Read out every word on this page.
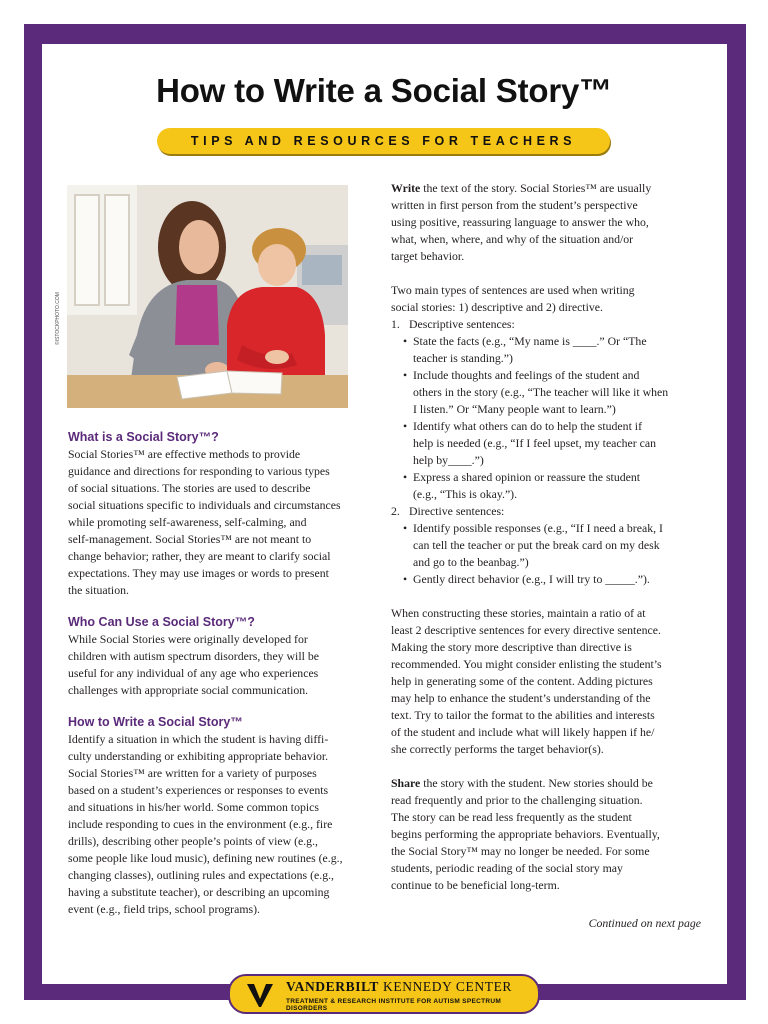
How to Write a Social Story™
TIPS AND RESOURCES FOR TEACHERS
©ISTOCKPHOTO.COM
What is a Social Story™?
Social Stories™ are effective methods to provide
guidance and directions for responding to various types
of social situations. The stories are used to describe
social situations specific to individuals and circumstances
while promoting self-awareness, self-calming, and
self-management. Social Stories™ are not meant to
change behavior; rather, they are meant to clarify social
expectations. They may use images or words to present
the situation.
Who Can Use a Social Story™?
While Social Stories were originally developed for
children with autism spectrum disorders, they will be
useful for any individual of any age who experiences
challenges with appropriate social communication.
How to Write a Social Story™
Identify a situation in which the student is having diffi-
culty understanding or exhibiting appropriate behavior.
Social Stories™ are written for a variety of purposes
based on a student’s experiences or responses to events
and situations in his/her world. Some common topics
include responding to cues in the environment (e.g., fire
drills), describing other people’s points of view (e.g.,
some people like loud music), defining new routines (e.g.,
changing classes), outlining rules and expectations (e.g.,
having a substitute teacher), or describing an upcoming
event (e.g., field trips, school programs).
Write the text of the story. Social Stories™ are usually
written in first person from the student’s perspective
using positive, reassuring language to answer the who,
what, when, where, and why of the situation and/or
target behavior.
Two main types of sentences are used when writing
social stories: 1) descriptive and 2) directive.
1. Descriptive sentences:
• State the facts (e.g., “My name is ____.” Or “The
teacher is standing.”)
• Include thoughts and feelings of the student and
others in the story (e.g., “The teacher will like it when
I listen.” Or “Many people want to learn.”)
• Identify what others can do to help the student if
help is needed (e.g., “If I feel upset, my teacher can
help by____.”)
• Express a shared opinion or reassure the student
(e.g., “This is okay.”).
2. Directive sentences:
• Identify possible responses (e.g., “If I need a break, I
can tell the teacher or put the break card on my desk
and go to the beanbag.”)
• Gently direct behavior (e.g., I will try to _____.”).
When constructing these stories, maintain a ratio of at
least 2 descriptive sentences for every directive sentence.
Making the story more descriptive than directive is
recommended. You might consider enlisting the student’s
help in generating some of the content. Adding pictures
may help to enhance the student’s understanding of the
text. Try to tailor the format to the abilities and interests
of the student and include what will likely happen if he/
she correctly performs the target behavior(s).
Share the story with the student. New stories should be
read frequently and prior to the challenging situation.
The story can be read less frequently as the student
begins performing the appropriate behaviors. Eventually,
the Social Story™ may no longer be needed. For some
students, periodic reading of the social story may
continue to be beneficial long-term.
Continued on next page
VANDERBILT KENNEDY CENTER
TREATMENT & RESEARCH INSTITUTE FOR AUTISM SPECTRUM DISORDERS
